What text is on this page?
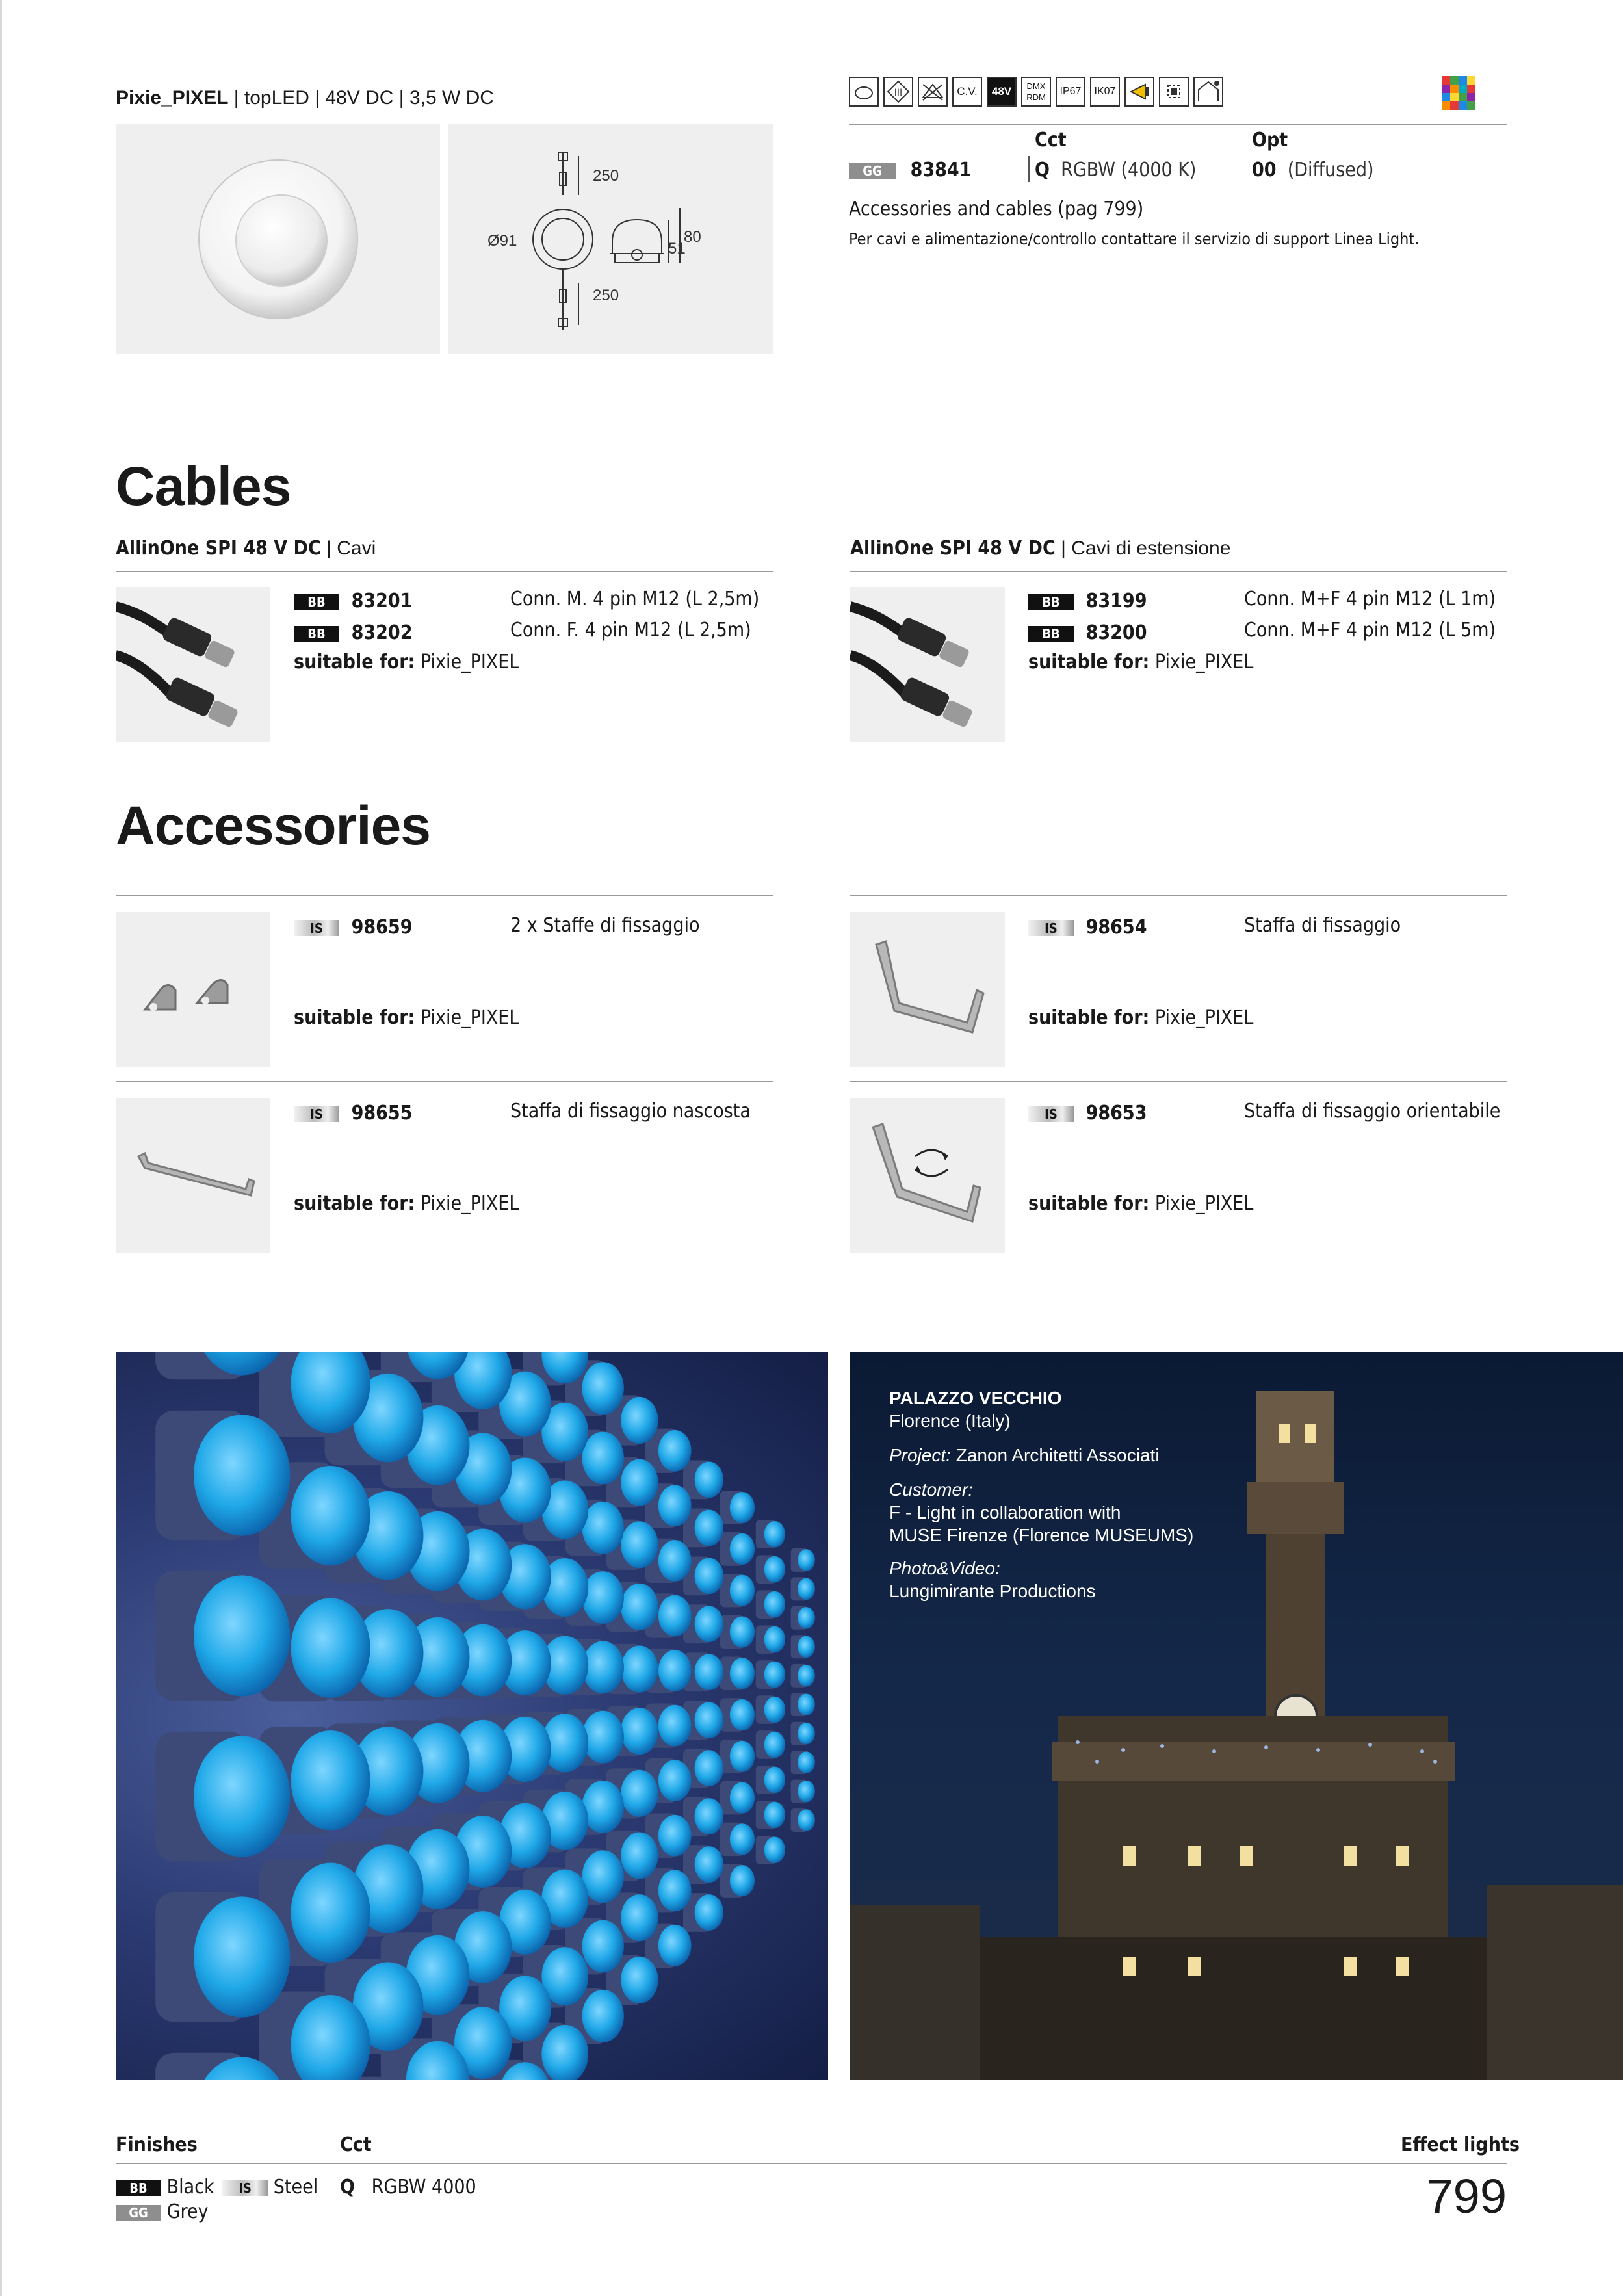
Pixie_PIXEL | topLED | 48V DC | 3,5 W DC
250
250
Ø91	80
51
III	C.V. 48V DMX
RDMIP67 IK07
Cct	Opt
GG 83841	Q RGBW (4000 K)	00 (Diffused)
Accessories and cables (pag 799)
Per cavi e alimentazione/controllo contattare il servizio di support Linea Light.
Cables
AllinOne SPI 48 V DC | Cavi
BB 83201	Conn. M. 4 pin M12 (L 2,5m)
BB 83202	Conn. F. 4 pin M12 (L 2,5m)
suitable for: Pixie_PIXEL
AllinOne SPI 48 V DC | Cavi di estensione
BB 83199	Conn. M+F 4 pin M12 (L 1m)
BB 83200	Conn. M+F 4 pin M12 (L 5m)
suitable for: Pixie_PIXEL
Accessories
IS 98659	2 x Staffe di fissaggio
suitable for: Pixie_PIXEL
IS 98654	Staffa di fissaggio
suitable for: Pixie_PIXEL
IS 98655	Staffa di fissaggio nascosta
suitable for: Pixie_PIXEL
IS 98653	Staffa di fissaggio orientabile
suitable for: Pixie_PIXEL
PALAZZO VECCHIO
Florence (Italy)
Project: Zanon Architetti Associati
Customer:
F - Light in collaboration with
MUSE Firenze (Florence MUSEUMS)
Photo&Video:
Lungimirante Productions
Finishes	Cct	Effect lights
BB Black IS Steel
GG Grey
Q RGBW 4000	799
